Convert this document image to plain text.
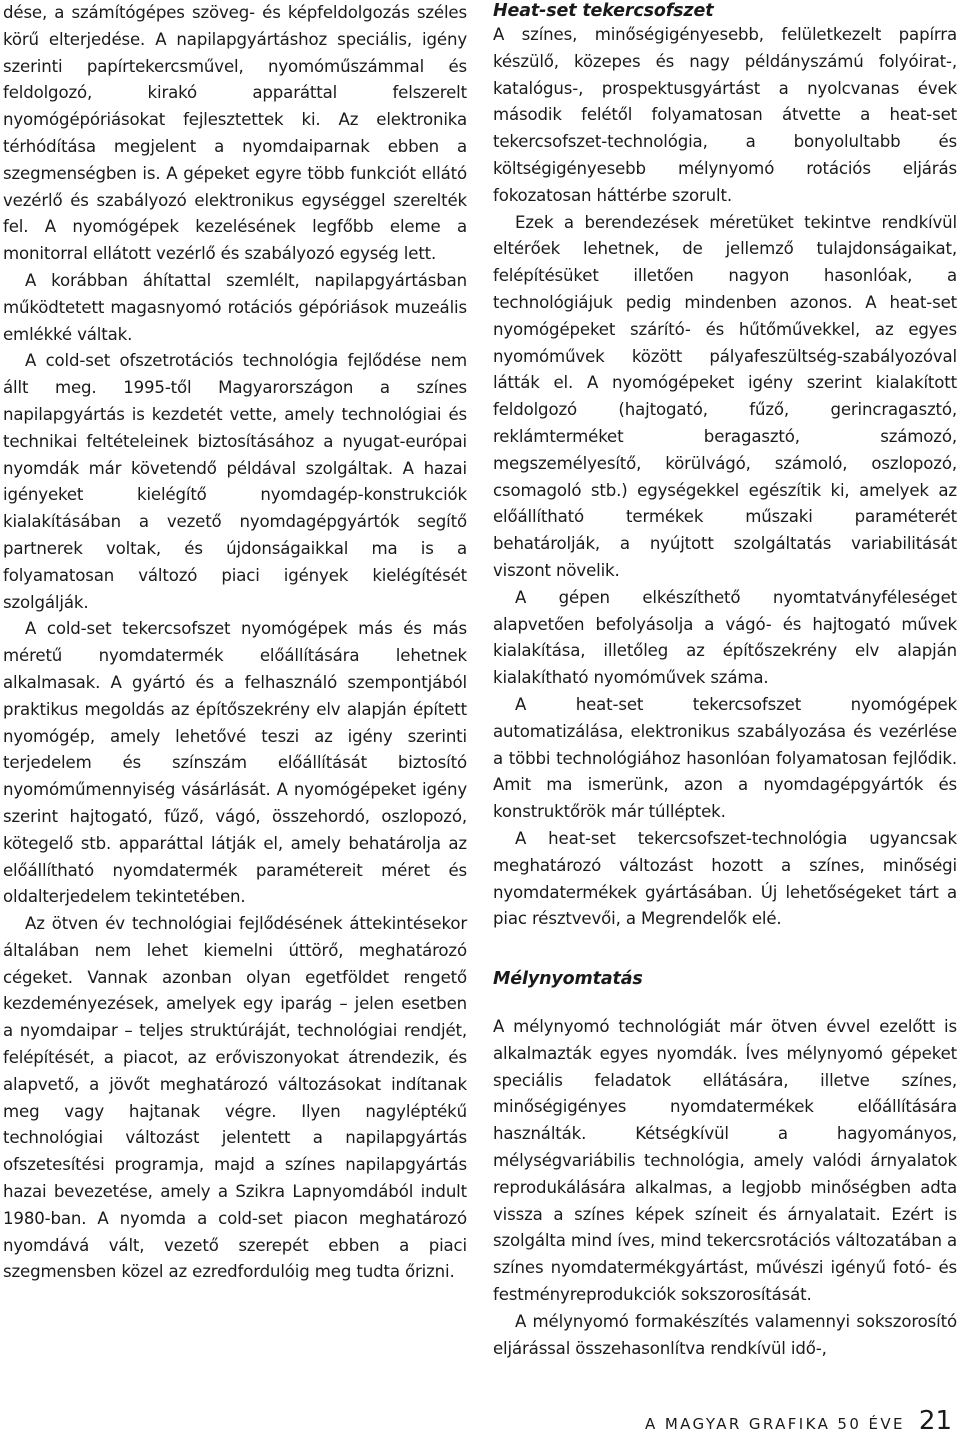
dése, a számítógépes szöveg- és képfeldolgozás széles körű elterjedése. A napilapgyártáshoz speciális, igény szerinti papírtekercsművel, nyomóműszámmal és feldolgozó, kirakó apparáttal felszerelt nyomógépóriásokat fejlesztettek ki. Az elektronika térhódítása megjelent a nyomdaiparnak ebben a szegmenségben is. A gépeket egyre több funkciót ellátó vezérlő és szabályozó elektronikus egységgel szerelték fel. A nyomógépek kezelésének legfőbb eleme a monitorral ellátott vezérlő és szabályozó egység lett.

A korábban áhítattal szemlélt, napilapgyártásban működtetett magasnyomó rotációs gépóriások muzeális emlékké váltak.

A cold-set ofszetrotációs technológia fejlődése nem állt meg. 1995-től Magyarországon a színes napilapgyártás is kezdetét vette, amely technológiai és technikai feltételeinek biztosításához a nyugat-európai nyomdák már követendő példával szolgáltak. A hazai igényeket kielégítő nyomdagép-konstrukciók kialakításában a vezető nyomdagépgyártók segítő partnerek voltak, és újdonságaikkal ma is a folyamatosan változó piaci igények kielégítését szolgálják.

A cold-set tekercsofszet nyomógépek más és más méretű nyomdatermék előállítására lehetnek alkalmasak. A gyártó és a felhasználó szempontjából praktikus megoldás az építőszekrény elv alapján épített nyomógép, amely lehetővé teszi az igény szerinti terjedelem és színszám előállítását biztosító nyomóműmennyiség vásárlását. A nyomógépeket igény szerint hajtogató, fűző, vágó, összehordó, oszlopozó, kötegelő stb. apparáttal látják el, amely behatárolja az előállítható nyomdatermék paramétereit méret és oldalterjedelem tekintetében.

Az ötven év technológiai fejlődésének áttekintésekor általában nem lehet kiemelni úttörő, meghatározó cégeket. Vannak azonban olyan egetföldet rengető kezdeményezések, amelyek egy iparág – jelen esetben a nyomdaipar – teljes struktúráját, technológiai rendjét, felépítését, a piacot, az erőviszonyokat átrendezik, és alapvető, a jövőt meghatározó változásokat indítanak meg vagy hajtanak végre. Ilyen nagyléptékű technológiai változást jelentett a napilapgyártás ofszetesítési programja, majd a színes napilapgyártás hazai bevezetése, amely a Szikra Lapnyomdából indult 1980-ban. A nyomda a cold-set piacon meghatározó nyomdává vált, vezető szerepét ebben a piaci szegmensben közel az ezredfordulóig meg tudta őrizni.

Heat-set tekercsofszet

A színes, minőségigényesebb, felületkezelt papírra készülő, közepes és nagy példányszámú folyóirat-, katalógus-, prospektusgyártást a nyolcvanas évek második felétől folyamatosan átvette a heat-set tekercsofszet-technológia, a bonyolultabb és költségigényesebb mélynyomó rotációs eljárás fokozatosan háttérbe szorult.

Ezek a berendezések méretüket tekintve rendkívül eltérőek lehetnek, de jellemző tulajdonságaikat, felépítésüket illetően nagyon hasonlóak, a technológiájuk pedig mindenben azonos. A heat-set nyomógépeket szárító- és hűtőművekkel, az egyes nyomóművek között pályafeszültség-szabályozóval látták el. A nyomógépeket igény szerint kialakított feldolgozó (hajtogató, fűző, gerincragasztó, reklámterméket beragasztó, számozó, megszemélyesítő, körülvágó, számoló, oszlopozó, csomagoló stb.) egységekkel egészítik ki, amelyek az előállítható termékek műszaki paraméterét behatárolják, a nyújtott szolgáltatás variabilitását viszont növelik.

A gépen elkészíthető nyomtatványféleséget alapvetően befolyásolja a vágó- és hajtogató művek kialakítása, illetőleg az építőszekrény elv alapján kialakítható nyomóművek száma.

A heat-set tekercsofszet nyomógépek automatizálása, elektronikus szabályozása és vezérlése a többi technológiához hasonlóan folyamatosan fejlődik. Amit ma ismerünk, azon a nyomdagépgyártók és konstruktőrök már túlléptek.

A heat-set tekercsofszet-technológia ugyancsak meghatározó változást hozott a színes, minőségi nyomdatermékek gyártásában. Új lehetőségeket tárt a piac résztvevői, a Megrendelők elé.

Mélynyomtatás

A mélynyomó technológiát már ötven évvel ezelőtt is alkalmazták egyes nyomdák. Íves mélynyomó gépeket speciális feladatok ellátására, illetve színes, minőségigényes nyomdatermékek előállítására használták. Kétségkívül a hagyományos, mélységvariábilis technológia, amely valódi árnyalatok reprodukálására alkalmas, a legjobb minőségben adta vissza a színes képek színeit és árnyalatait. Ezért is szolgálta mind íves, mind tekercsrotációs változatában a színes nyomdatermékgyártást, művészi igényű fotó- és festményreprodukciók sokszorosítását.

A mélynyomó formakészítés valamennyi sokszorosító eljárással összehasonlítva rendkívül idő-,

A MAGYAR GRAFIKA 50 ÉVE 21
